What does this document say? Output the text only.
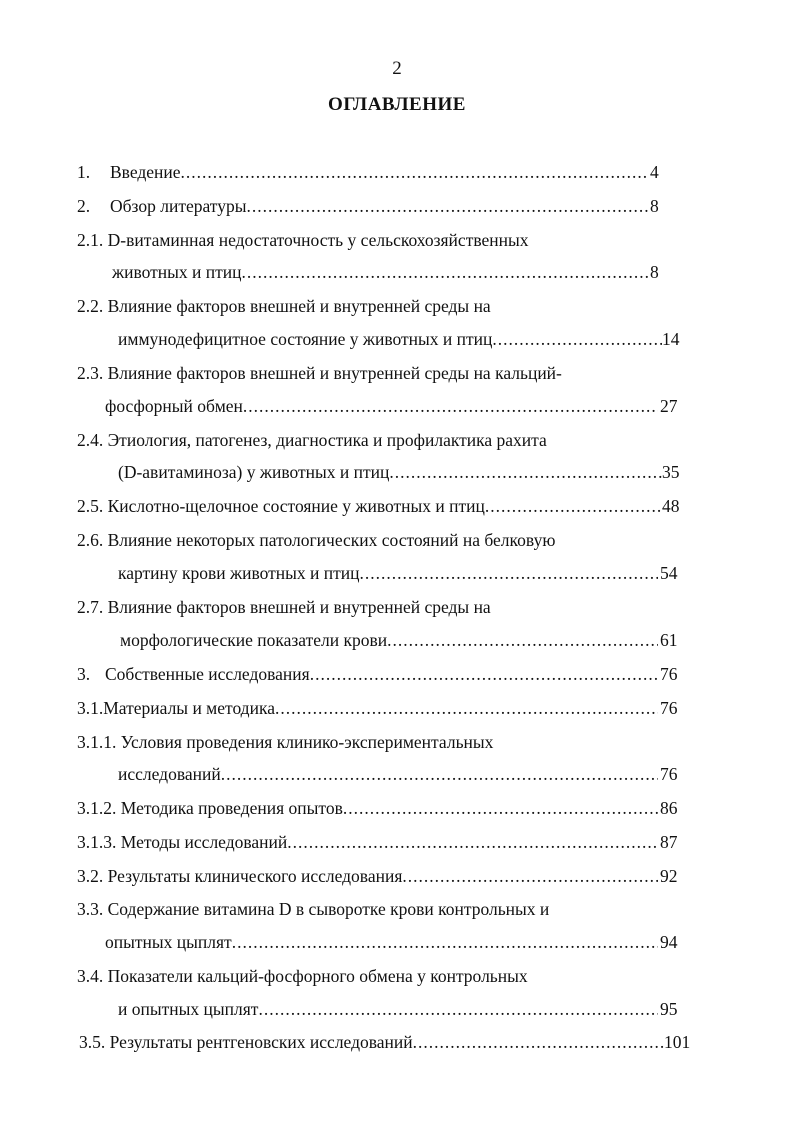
2
ОГЛАВЛЕНИЕ
1. Введение .....	4
2. Обзор литературы .....	8
2.1. D-витаминная недостаточность у сельскохозяйственных
животных и птиц .....	8
2.2. Влияние факторов внешней и внутренней среды на
иммунодефицитное состояние у животных и птиц .....	14
2.3. Влияние факторов внешней и внутренней среды на кальций-
фосфорный обмен .....	27
2.4. Этиология, патогенез, диагностика и профилактика рахита
(D-авитаминоза) у животных и птиц .....	35
2.5. Кислотно-щелочное состояние у животных и птиц .....	48
2.6. Влияние некоторых патологических состояний на белковую
картину крови животных и птиц .....	54
2.7. Влияние факторов внешней и внутренней среды на
морфологические показатели крови .....	61
3. Собственные исследования .....	76
3.1.Материалы и методика .....	76
3.1.1. Условия проведения клинико-экспериментальных
исследований .....	76
3.1.2. Методика проведения опытов .....	86
3.1.3. Методы исследований .....	87
3.2. Результаты клинического исследования .....	92
3.3. Содержание витамина D в сыворотке крови контрольных и
опытных цыплят .....	94
3.4. Показатели кальций-фосфорного обмена у контрольных
и опытных цыплят .....	95
3.5. Результаты рентгеновских исследований .....	101
